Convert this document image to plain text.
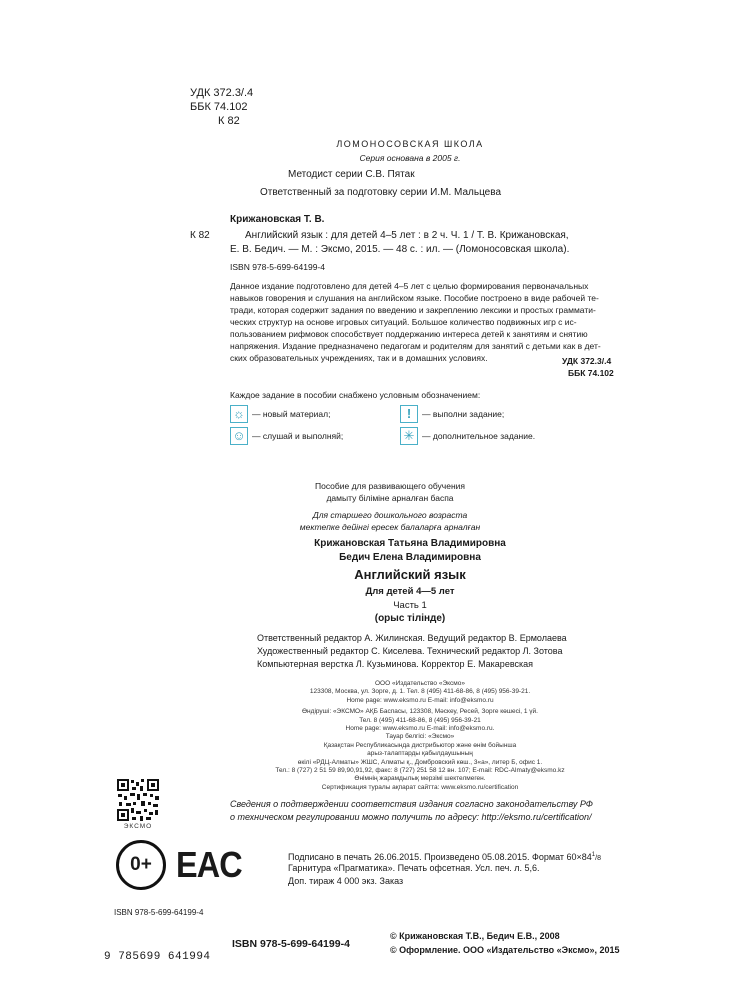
УДК 372.3/.4
ББК 74.102
К 82
ЛОМОНОСОВСКАЯ ШКОЛА
Серия основана в 2005 г.
Методист серии С.В. Пятак
Ответственный за подготовку серии И.М. Мальцева
Крижановская Т. В.
К 82	Английский язык : для детей 4–5 лет : в 2 ч. Ч. 1 / Т. В. Крижановская,
Е. В. Бедич. — М. : Эксмо, 2015. — 48 с. : ил. — (Ломоносовская школа).
ISBN 978-5-699-64199-4
Данное издание подготовлено для детей 4–5 лет с целью формирования первоначальных
навыков говорения и слушания на английском языке. Пособие построено в виде рабочей те-
тради, которая содержит задания по введению и закреплению лексики и простых граммати-
ческих структур на основе игровых ситуаций. Большое количество подвижных игр с ис-
пользованием рифмовок способствует поддержанию интереса детей к занятиям и снятию
напряжения. Издание предназначено педагогам и родителям для занятий с детьми как в дет-
ских образовательных учреждениях, так и в домашних условиях.	УДК 372.3/.4
ББК 74.102
Каждое задание в пособии снабжено условным обозначением:
☼ — новый материал;	!	— выполни задание;
☺ — слушай и выполняй;	✳ — дополнительное задание.
Пособие для развивающего обучения
дамыту біліміне арналған баспа
Для старшего дошкольного возраста
мектепке дейінгі ересек балаларға арналған
Крижановская Татьяна Владимировна
Бедич Елена Владимировна
Английский язык
Для детей 4—5 лет
Часть 1
(орыс тілінде)
Ответственный редактор А. Жилинская. Ведущий редактор В. Ермолаева
Художественный редактор С. Киселева. Технический редактор Л. Зотова
Компьютерная верстка Л. Кузьминова. Корректор Е. Макаревская
ООО «Издательство «Эксмо»
123308, Москва, ул. Зорге, д. 1. Тел. 8 (495) 411-68-86, 8 (495) 956-39-21.
Home page: www.eksmo.ru E-mail: info@eksmo.ru
Өндіруші: «ЭКСМО» АҚБ Баспасы, 123308, Мәскеу, Ресей, Зорге көшесі, 1 үй.
Тел. 8 (495) 411-68-86, 8 (495) 956-39-21
Home page: www.eksmo.ru E-mail: info@eksmo.ru.
Тауар белгісі: «Эксмо»
Қазақстан Республикасында дистрибьютор және өнім бойынша
арыз-талаптарды қабылдаушының
өкілі «РДЦ-Алматы» ЖШС, Алматы қ., Домбровский көш., 3«а», литер Б, офис 1.
Тел.: 8 (727) 2 51 59 89,90,91,92, факс: 8 (727) 251 58 12 вн. 107; E-mail: RDC-Almaty@eksmo.kz
Өнімнің жарамдылық мерзімі шектелмеген.
Сертификация туралы ақпарат сайтта: www.eksmo.ru/certification
ЭКСМО
Сведения о подтверждении соответствия издания согласно законодательству РФ
о техническом регулировании можно получить по адресу: http://eksmo.ru/certification/
0+ EAC	Подписано в печать 26.06.2015. Произведено 05.08.2015. Формат $60\times 84^1/8$
Гарнитура «Прагматика». Печать офсетная. Усл. печ. л. 5,6.
Доп. тираж 4 000 экз. Заказ
ISBN 978-5-699-64199-4
9 785699 641994
ISBN 978-5-699-64199-4
© Крижановская Т.В., Бедич Е.В., 2008
© Оформление. ООО «Издательство «Эксмо», 2015
